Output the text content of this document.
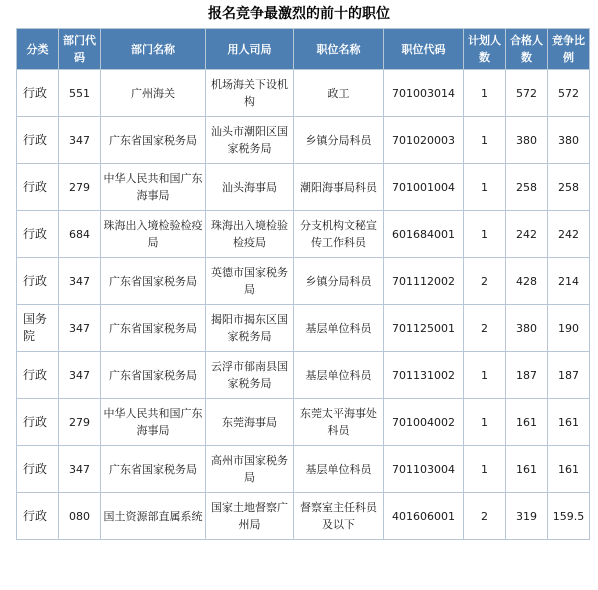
报名竞争最激烈的前十的职位
分类	部门代码	部门名称	用人司局	职位名称	职位代码	计划人数	合格人数	竞争比例
行政	551	广州海关	机场海关下设机构	政工	701003014	1	572	572
行政	347	广东省国家税务局	汕头市潮阳区国家税务局	乡镇分局科员	701020003	1	380	380
行政	279	中华人民共和国广东海事局	汕头海事局	潮阳海事局科员	701001004	1	258	258
行政	684	珠海出入境检验检疫局	珠海出入境检验检疫局	分支机构文秘宣传工作科员	601684001	1	242	242
行政	347	广东省国家税务局	英德市国家税务局	乡镇分局科员	701112002	2	428	214
国务院	347	广东省国家税务局	揭阳市揭东区国家税务局	基层单位科员	701125001	2	380	190
行政	347	广东省国家税务局	云浮市郁南县国家税务局	基层单位科员	701131002	1	187	187
行政	279	中华人民共和国广东海事局	东莞海事局	东莞太平海事处科员	701004002	1	161	161
行政	347	广东省国家税务局	高州市国家税务局	基层单位科员	701103004	1	161	161
行政	080	国土资源部直属系统	国家土地督察广州局	督察室主任科员及以下	401606001	2	319	159.5
